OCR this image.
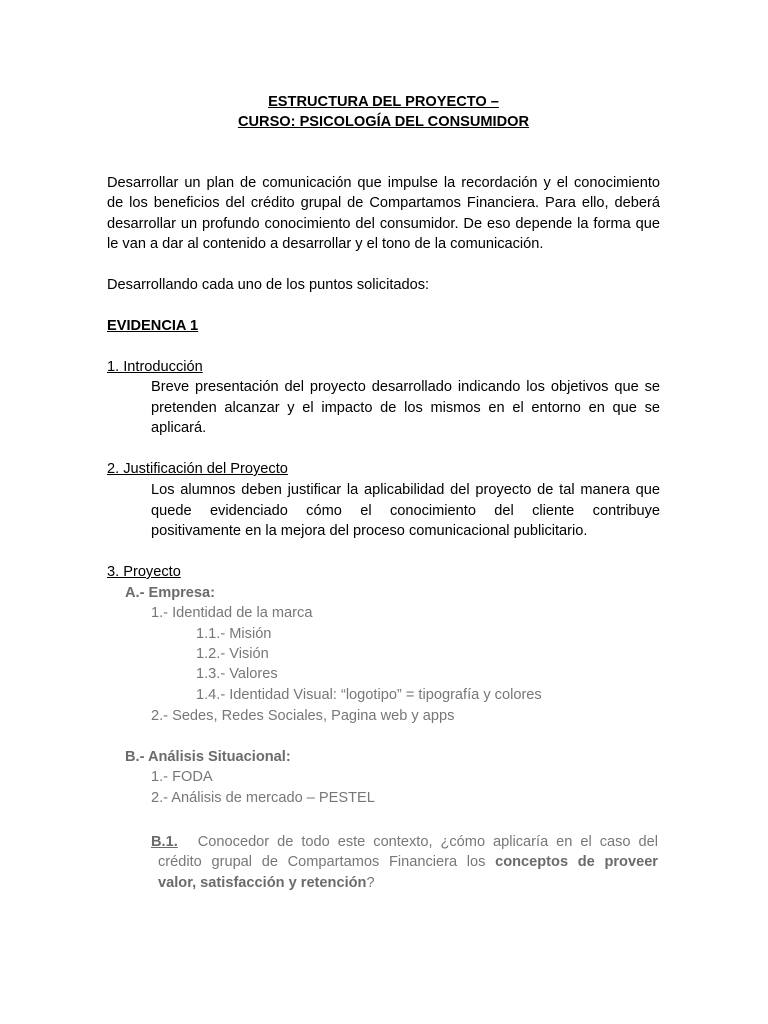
ESTRUCTURA DEL PROYECTO –
CURSO: PSICOLOGÍA DEL CONSUMIDOR
Desarrollar un plan de comunicación que impulse la recordación y el conocimiento
de los beneficios del crédito grupal de Compartamos Financiera. Para ello, deberá
desarrollar un profundo conocimiento del consumidor. De eso depende la forma que
le van a dar al contenido a desarrollar y el tono de la comunicación.
Desarrollando cada uno de los puntos solicitados:
EVIDENCIA 1
1. Introducción
Breve presentación del proyecto desarrollado indicando los objetivos que se
pretenden alcanzar y el impacto de los mismos en el entorno en que se
aplicará.
2. Justificación del Proyecto
Los alumnos deben justificar la aplicabilidad del proyecto de tal manera que
quede evidenciado cómo el conocimiento del cliente contribuye
positivamente en la mejora del proceso comunicacional publicitario.
3. Proyecto
A.- Empresa:
1.- Identidad de la marca
1.1.- Misión
1.2.- Visión
1.3.- Valores
1.4.- Identidad Visual: “logotipo” = tipografía y colores
2.- Sedes, Redes Sociales, Pagina web y apps
B.- Análisis Situacional:
1.- FODA
2.- Análisis de mercado – PESTEL
B.1. Conocedor de todo este contexto, ¿cómo aplicaría en el caso del
crédito grupal de Compartamos Financiera los conceptos de proveer
valor, satisfacción y retención?
